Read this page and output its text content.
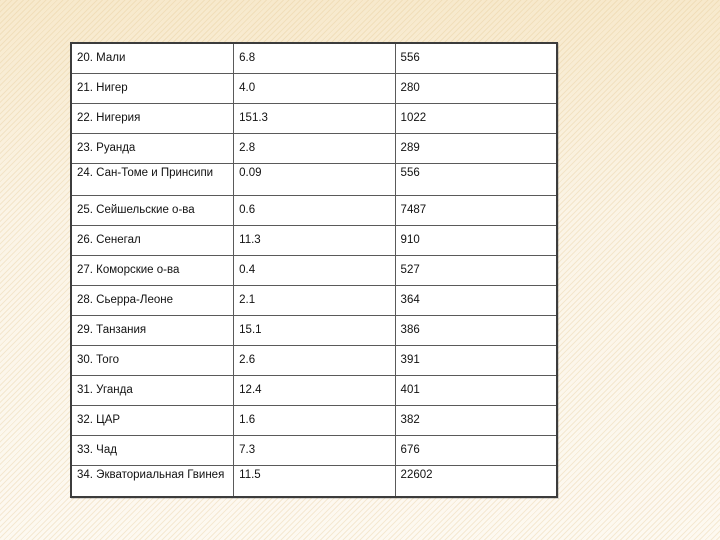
20. Мали	6.8	556
21. Нигер	4.0	280
22. Нигерия	151.3	1022
23. Руанда	2.8	289
24. Сан-Томе и Принсипи	0.09	556
25. Сейшельские о-ва	0.6	7487
26. Сенегал	11.3	910
27. Коморские о-ва	0.4	527
28. Сьерра-Леоне	2.1	364
29. Танзания	15.1	386
30. Того	2.6	391
31. Уганда	12.4	401
32. ЦАР	1.6	382
33. Чад	7.3	676
34. Экваториальная Гвинея	11.5	22602
